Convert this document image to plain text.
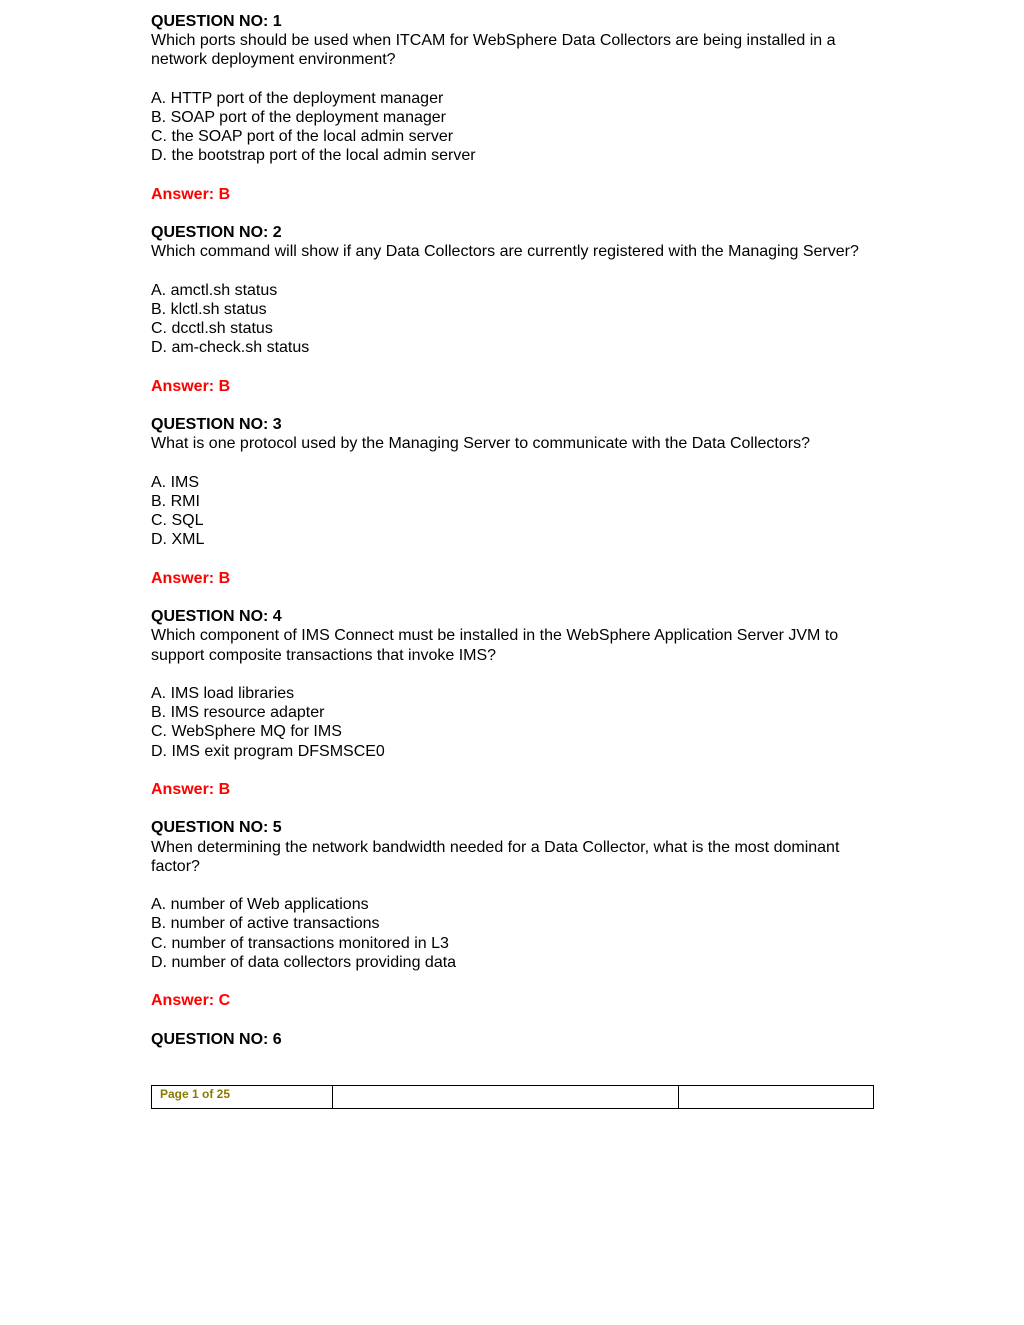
QUESTION NO: 1

Which ports should be used when ITCAM for WebSphere Data Collectors are being installed in a network deployment environment?

A. HTTP port of the deployment manager
B. SOAP port of the deployment manager
C. the SOAP port of the local admin server
D. the bootstrap port of the local admin server

Answer: B

QUESTION NO: 2

Which command will show if any Data Collectors are currently registered with the Managing Server?

A. amctl.sh status
B. klctl.sh status
C. dcctl.sh status
D. am-check.sh status

Answer: B

QUESTION NO: 3

What is one protocol used by the Managing Server to communicate with the Data Collectors?

A. IMS
B. RMI
C. SQL
D. XML

Answer: B

QUESTION NO: 4

Which component of IMS Connect must be installed in the WebSphere Application Server JVM to support composite transactions that invoke IMS?

A. IMS load libraries
B. IMS resource adapter
C. WebSphere MQ for IMS
D. IMS exit program DFSMSCE0

Answer: B

QUESTION NO: 5

When determining the network bandwidth needed for a Data Collector, what is the most dominant factor?

A. number of Web applications
B. number of active transactions
C. number of transactions monitored in L3
D. number of data collectors providing data

Answer: C

QUESTION NO: 6

Page 1 of 25
